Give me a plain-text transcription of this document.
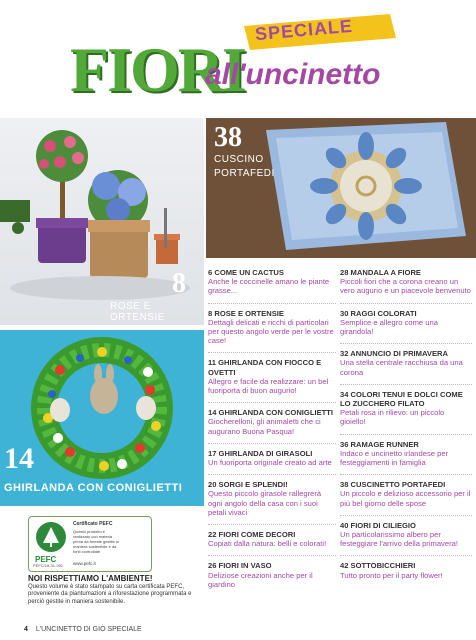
FIORI
SPECIALE
all'uncinetto
8
ROSE E ORTENSIE
38
CUSCINO
PORTAFEDI
14
GHIRLANDA CON CONIGLIETTI
6 COME UN CACTUS
Anche le coccinelle amano le piante grasse...
8 ROSE E ORTENSIE
Dettagli delicati e ricchi di particolari per questo angolo verde per le vostre case!
11 GHIRLANDA CON FIOCCO E OVETTI
Allegro e facile da realizzare: un bel fuoriporta di buon augurio!
14 GHIRLANDA CON CONIGLIETTI
Giocherelloni, gli animaletti che ci augurano Buona Pasqua!
17 GHIRLANDA DI GIRASOLI
Un fuoriporta originale creato ad arte
20 SORGI E SPLENDI!
Questo piccolo girasole rallegrerà ogni angolo della casa con i suoi petali vivaci
22 FIORI COME DECORI
Copiati dalla natura: belli e colorati!
26 FIORI IN VASO
Deliziose creazioni anche per il giardino
28 MANDALA A FIORE
Piccoli fiori che a corona creano un vero augurio e un piacevole benvenuto
30 RAGGI COLORATI
Semplice e allegro come una girandola!
32 ANNUNCIO DI PRIMAVERA
Una stella centrale racchiusa da una corona
34 COLORI TENUI E DOLCI COME LO ZUCCHERO FILATO
Petali rosa in rilievo: un piccolo gioiello!
36 RAMAGE RUNNER
Indaco e uncinetto irlandese per festeggiamenti in famiglia
38 CUSCINETTO PORTAFEDI
Un piccolo e delizioso accessorio per il più bel giorno delle spose
40 FIORI DI CILIEGIO
Un particolarissimo albero per festeggiare l'arrivo della primavera!
42 SOTTOBICCHIERI
Tutto pronto per il party flower!
PEFC
PEFC/18-31-992
Certificato PEFC
Questo prodotto è
realizzato con materia
prima da foreste gestite in
maniera sostenibile e da
fonti controllate
www.pefc.it
NOI RISPETTIAMO L'AMBIENTE!
Questo volume è stato stampato su carta certificata PEFC, proveniente da piantumazioni a riforestazione programmata e perciò gestite in maniera sostenibile.
4 L'UNCINETTO DI GIÒ SPECIALE
